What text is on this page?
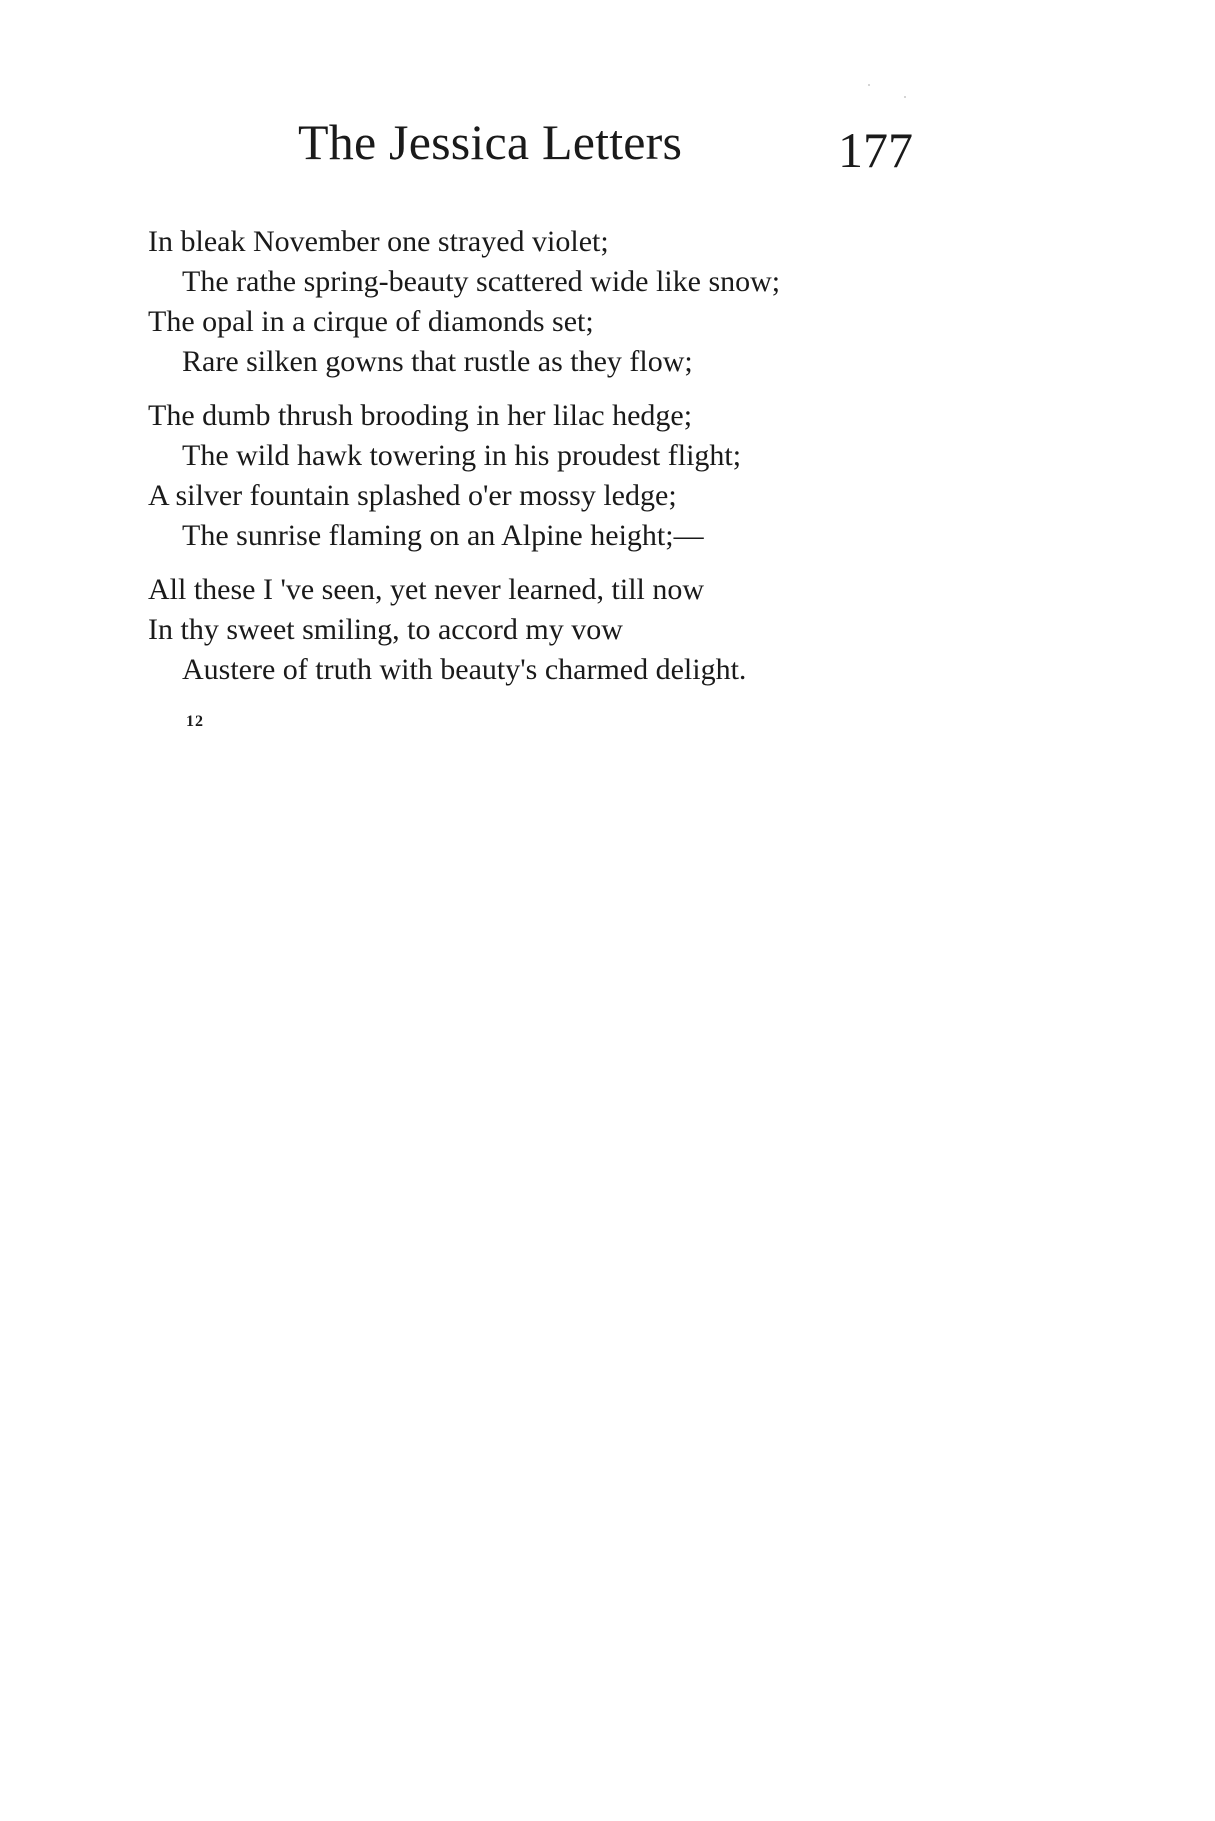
The Jessica Letters	177
In bleak November one strayed violet;
The rathe spring-beauty scattered wide like snow;
The opal in a cirque of diamonds set;
Rare silken gowns that rustle as they flow;
The dumb thrush brooding in her lilac hedge;
The wild hawk towering in his proudest flight;
A silver fountain splashed o'er mossy ledge;
The sunrise flaming on an Alpine height;—
All these I 've seen, yet never learned, till now
In thy sweet smiling, to accord my vow
Austere of truth with beauty's charmed delight.
12
